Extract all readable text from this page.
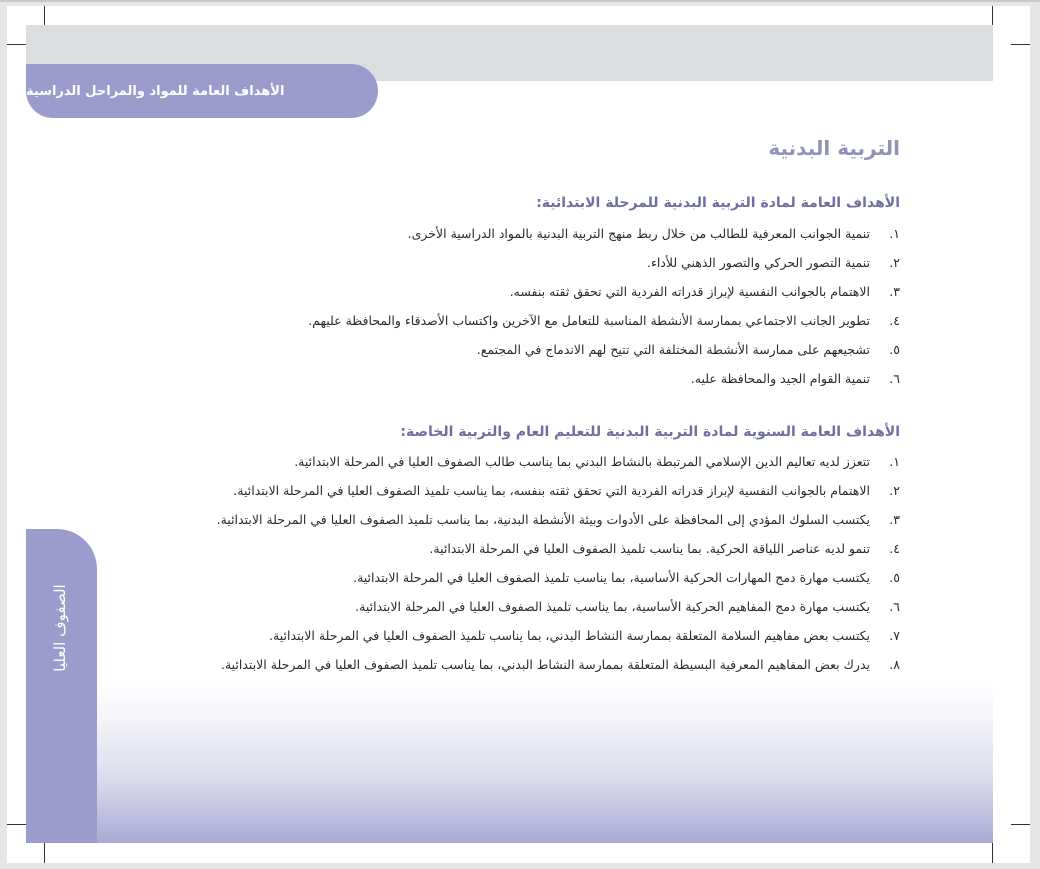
الأهداف العامة للمواد والمراحل الدراسية
الصفوف العليا
التربية البدنية
الأهداف العامة لمادة التربية البدنية للمرحلة الابتدائية:
١.
تنمية الجوانب المعرفية للطالب من خلال ربط منهج التربية البدنية بالمواد الدراسية الأخرى.
٢.
تنمية التصور الحركي والتصور الذهني للأداء.
٣.
الاهتمام بالجوانب النفسية لإبراز قدراته الفردية التي تحقق ثقته بنفسه.
٤.
تطوير الجانب الاجتماعي بممارسة الأنشطة المناسبة للتعامل مع الآخرين واكتساب الأصدقاء والمحافظة عليهم.
٥.
تشجيعهم على ممارسة الأنشطة المختلفة التي تتيح لهم الاندماج في المجتمع.
٦.
تنمية القوام الجيد والمحافظة عليه.
الأهداف العامة السنوية لمادة التربية البدنية للتعليم العام والتربية الخاصة:
١.
تتعزز لديه تعاليم الدين الإسلامي المرتبطة بالنشاط البدني بما يناسب طالب الصفوف العليا في المرحلة الابتدائية.
٢.
الاهتمام بالجوانب النفسية لإبراز قدراته الفردية التي تحقق ثقته بنفسه، بما يناسب تلميذ الصفوف العليا في المرحلة الابتدائية.
٣.
يكتسب السلوك المؤدي إلى المحافظة على الأدوات وبيئة الأنشطة البدنية، بما يناسب تلميذ الصفوف العليا في المرحلة الابتدائية.
٤.
تنمو لديه عناصر اللياقة الحركية. بما يناسب تلميذ الصفوف العليا في المرحلة الابتدائية.
٥.
يكتسب مهارة دمج المهارات الحركية الأساسية، بما يناسب تلميذ الصفوف العليا في المرحلة الابتدائية.
٦.
يكتسب مهارة دمج المفاهيم الحركية الأساسية، بما يناسب تلميذ الصفوف العليا في المرحلة الابتدائية.
٧.
يكتسب بعض مفاهيم السلامة المتعلقة بممارسة النشاط البدني، بما يناسب تلميذ الصفوف العليا في المرحلة الابتدائية.
٨.
يدرك بعض المفاهيم المعرفية البسيطة المتعلقة بممارسة النشاط البدني، بما يناسب تلميذ الصفوف العليا في المرحلة الابتدائية.
